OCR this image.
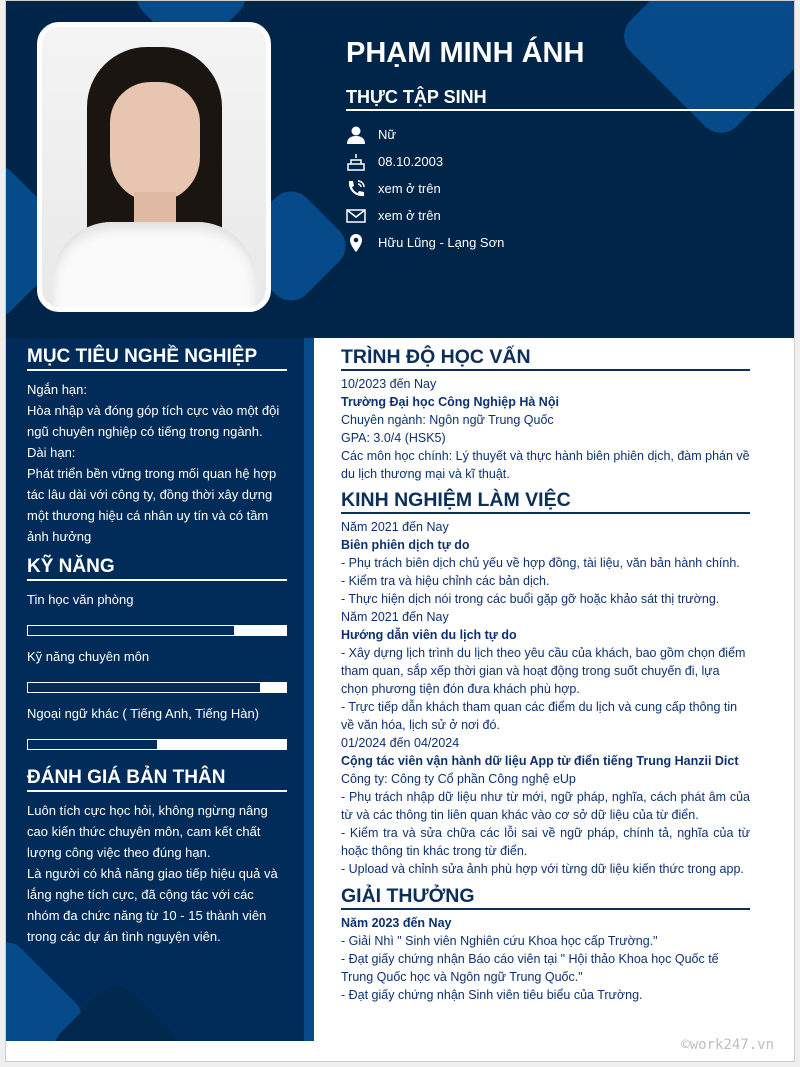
PHẠM MINH ÁNH
THỰC TẬP SINH
Nữ
08.10.2003
xem ở trên
xem ở trên
Hữu Lũng - Lạng Sơn
MỤC TIÊU NGHỀ NGHIỆP
Ngắn hạn:
Hòa nhập và đóng góp tích cực vào một đội ngũ chuyên nghiệp có tiếng trong ngành.
Dài hạn:
Phát triển bền vững trong mối quan hệ hợp tác lâu dài với công ty, đồng thời xây dựng một thương hiệu cá nhân uy tín và có tầm ảnh hưởng
KỸ NĂNG
Tin học văn phòng
Kỹ năng chuyên môn
Ngoại ngữ khác ( Tiếng Anh, Tiếng Hàn)
ĐÁNH GIÁ BẢN THÂN
Luôn tích cực học hỏi, không ngừng nâng cao kiến thức chuyên môn, cam kết chất lượng công việc theo đúng hạn.
Là người có khả năng giao tiếp hiệu quả và lắng nghe tích cực, đã cộng tác với các nhóm đa chức năng từ 10 - 15 thành viên trong các dự án tình nguyện viên.
TRÌNH ĐỘ HỌC VẤN
10/2023 đến Nay
Trường Đại học Công Nghiệp Hà Nội
Chuyên ngành: Ngôn ngữ Trung Quốc
GPA: 3.0/4 (HSK5)
Các môn học chính: Lý thuyết và thực hành biên phiên dịch, đàm phán về du lịch thương mại và kĩ thuật.
KINH NGHIỆM LÀM VIỆC
Năm 2021 đến Nay
Biên phiên dịch tự do
- Phụ trách biên dịch chủ yếu về hợp đồng, tài liệu, văn bản hành chính.
- Kiểm tra và hiệu chỉnh các bản dịch.
- Thực hiện dịch nói trong các buổi gặp gỡ hoặc khảo sát thị trường.
Năm 2021 đến Nay
Hướng dẫn viên du lịch tự do
- Xây dựng lịch trình du lịch theo yêu cầu của khách, bao gồm chọn điểm tham quan, sắp xếp thời gian và hoạt động trong suốt chuyến đi, lựa chọn phương tiện đón đưa khách phù hợp.
- Trực tiếp dẫn khách tham quan các điểm du lịch và cung cấp thông tin về văn hóa, lịch sử ở nơi đó.
01/2024 đến 04/2024
Cộng tác viên vận hành dữ liệu App từ điển tiếng Trung Hanzii Dict
Công ty: Công ty Cổ phần Công nghệ eUp
- Phụ trách nhập dữ liệu như từ mới, ngữ pháp, nghĩa, cách phát âm của từ và các thông tin liên quan khác vào cơ sở dữ liệu của từ điển.
- Kiểm tra và sửa chữa các lỗi sai về ngữ pháp, chính tả, nghĩa của từ hoặc thông tin khác trong từ điển.
- Upload và chỉnh sửa ảnh phù hợp với từng dữ liệu kiến thức trong app.
GIẢI THƯỞNG
Năm 2023 đến Nay
- Giải Nhì " Sinh viên Nghiên cứu Khoa học cấp Trường."
- Đạt giấy chứng nhận Báo cáo viên tại " Hội thảo Khoa học Quốc tế Trung Quốc học và Ngôn ngữ Trung Quốc."
- Đạt giấy chứng nhận Sinh viên tiêu biểu của Trường.
©work247.vn
